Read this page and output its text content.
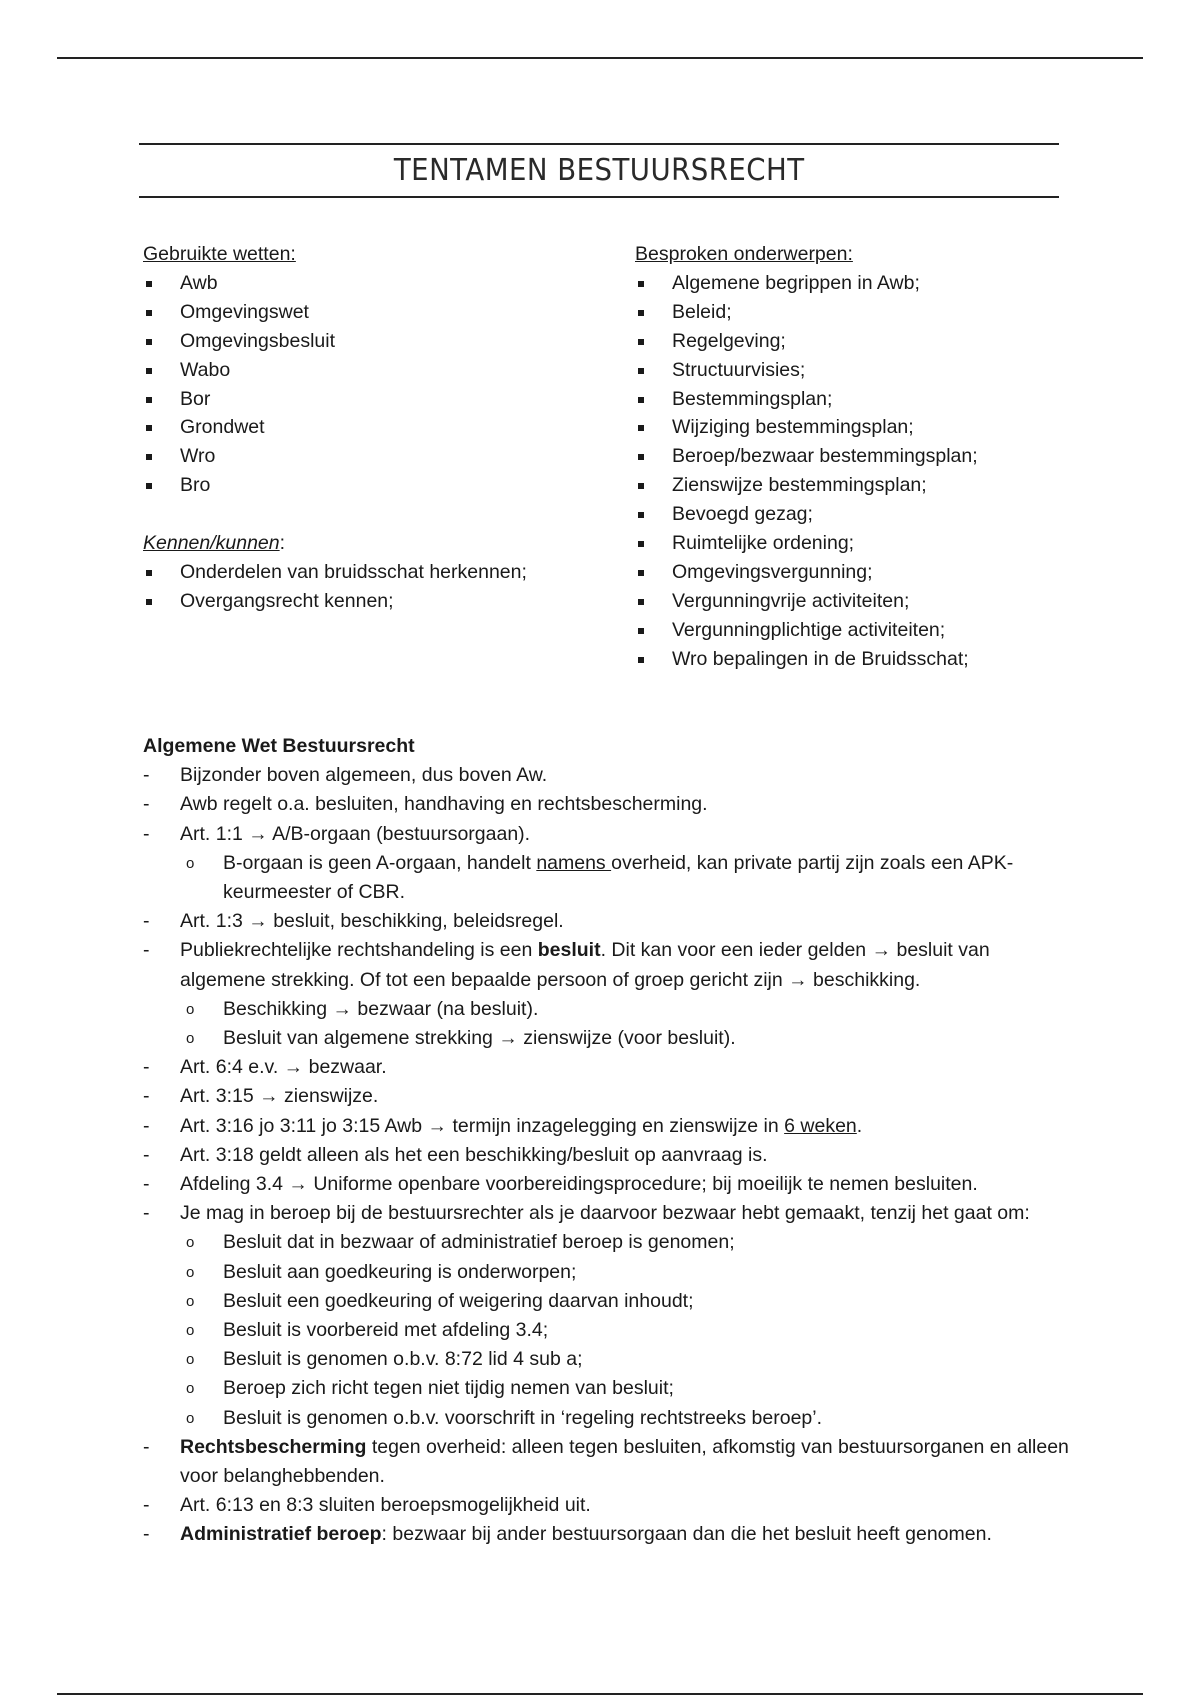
TENTAMEN BESTUURSRECHT
Gebruikte wetten:
Awb
Omgevingswet
Omgevingsbesluit
Wabo
Bor
Grondwet
Wro
Bro
Kennen/kunnen:
Onderdelen van bruidsschat herkennen;
Overgangsrecht kennen;
Besproken onderwerpen:
Algemene begrippen in Awb;
Beleid;
Regelgeving;
Structuurvisies;
Bestemmingsplan;
Wijziging bestemmingsplan;
Beroep/bezwaar bestemmingsplan;
Zienswijze bestemmingsplan;
Bevoegd gezag;
Ruimtelijke ordening;
Omgevingsvergunning;
Vergunningvrije activiteiten;
Vergunningplichtige activiteiten;
Wro bepalingen in de Bruidsschat;
Algemene Wet Bestuursrecht
-	Bijzonder boven algemeen, dus boven Aw.
-	Awb regelt o.a. besluiten, handhaving en rechtsbescherming.
-	Art. 1:1 → A/B-orgaan (bestuursorgaan).
o B-orgaan is geen A-orgaan, handelt namens overheid, kan private partij zijn zoals een APK-keurmeester of CBR.
-	Art. 1:3 → besluit, beschikking, beleidsregel.
-	Publiekrechtelijke rechtshandeling is een besluit. Dit kan voor een ieder gelden → besluit van algemene strekking. Of tot een bepaalde persoon of groep gericht zijn → beschikking.
o Beschikking → bezwaar (na besluit).
o Besluit van algemene strekking → zienswijze (voor besluit).
-	Art. 6:4 e.v. → bezwaar.
-	Art. 3:15 → zienswijze.
-	Art. 3:16 jo 3:11 jo 3:15 Awb → termijn inzagelegging en zienswijze in 6 weken.
-	Art. 3:18 geldt alleen als het een beschikking/besluit op aanvraag is.
-	Afdeling 3.4 → Uniforme openbare voorbereidingsprocedure; bij moeilijk te nemen besluiten.
-	Je mag in beroep bij de bestuursrechter als je daarvoor bezwaar hebt gemaakt, tenzij het gaat om:
o Besluit dat in bezwaar of administratief beroep is genomen;
o Besluit aan goedkeuring is onderworpen;
o Besluit een goedkeuring of weigering daarvan inhoudt;
o Besluit is voorbereid met afdeling 3.4;
o Besluit is genomen o.b.v. 8:72 lid 4 sub a;
o Beroep zich richt tegen niet tijdig nemen van besluit;
o Besluit is genomen o.b.v. voorschrift in ‘regeling rechtstreeks beroep’.
-	Rechtsbescherming tegen overheid: alleen tegen besluiten, afkomstig van bestuursorganen en alleen voor belanghebbenden.
-	Art. 6:13 en 8:3 sluiten beroepsmogelijkheid uit.
-	Administratief beroep: bezwaar bij ander bestuursorgaan dan die het besluit heeft genomen.
